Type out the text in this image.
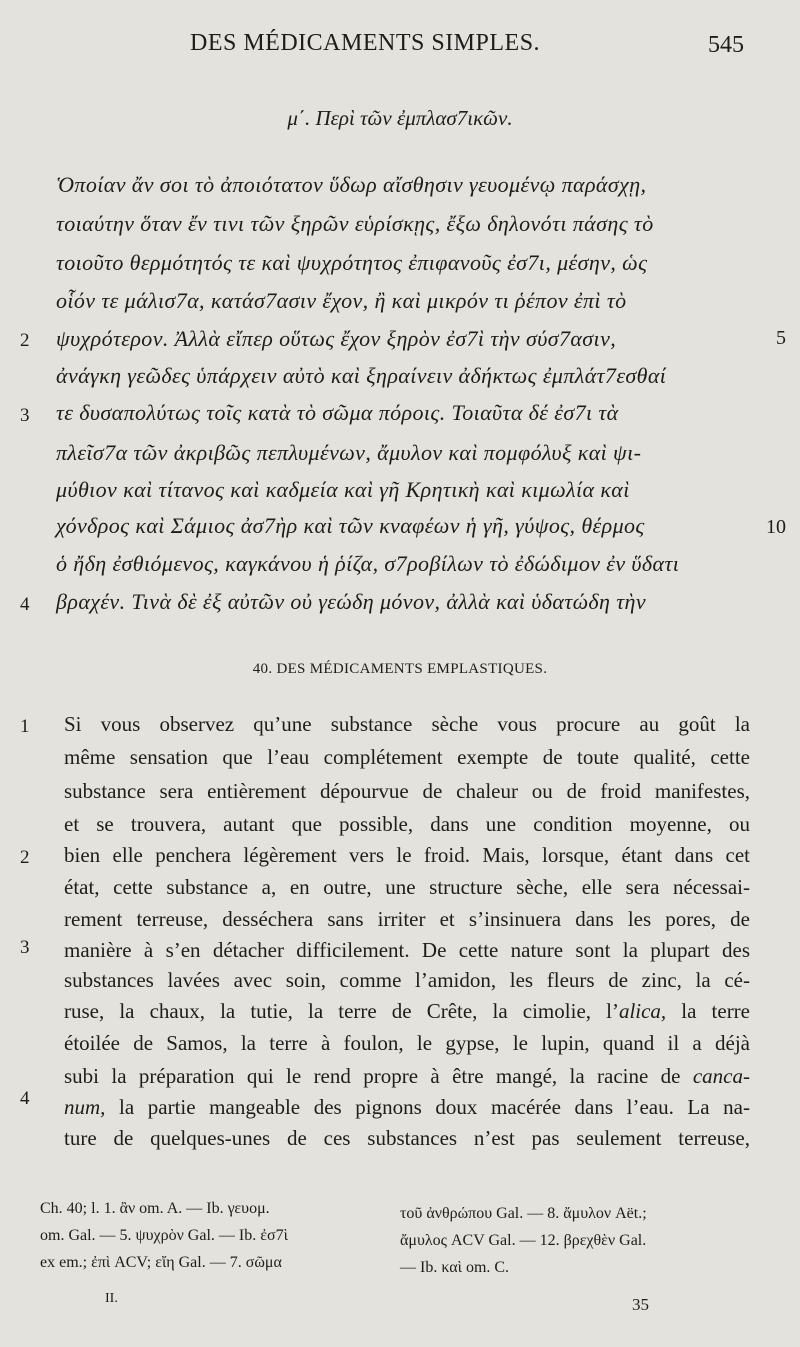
DES MÉDICAMENTS SIMPLES.	545
μ΄. Περὶ τῶν ἐμπλασ7ικῶν.
Ὁποίαν ἄν σοι τὸ ἀποιότατον ὕδωρ αἴσθησιν γευομένῳ παράσχῃ,
τοιαύτην ὅταν ἔν τινι τῶν ξηρῶν εὑρίσκῃς, ἔξω δηλονότι πάσης τὸ
τοιοῦτο θερμότητός τε καὶ ψυχρότητος ἐπιφανοῦς ἐσ7ι, μέσην, ὡς
οἷόν τε μάλισ7α, κατάσ7ασιν ἔχον, ἢ καὶ μικρόν τι ῥέπον ἐπὶ τὸ
ψυχρότερον. Ἀλλὰ εἴπερ οὕτως ἔχον ξηρὸν ἐσ7ὶ τὴν σύσ7ασιν,
ἀνάγκη γεῶδες ὑπάρχειν αὐτὸ καὶ ξηραίνειν ἀδήκτως ἐμπλάτ7εσθαί
τε δυσαπολύτως τοῖς κατὰ τὸ σῶμα πόροις. Τοιαῦτα δέ ἐσ7ι τὰ
πλεῖσ7α τῶν ἀκριβῶς πεπλυμένων, ἄμυλον καὶ πομφόλυξ καὶ ψι-
μύθιον καὶ τίτανος καὶ καδμεία καὶ γῆ Κρητικὴ καὶ κιμωλία καὶ
χόνδρος καὶ Σάμιος ἀσ7ὴρ καὶ τῶν κναφέων ἡ γῆ, γύψος, θέρμος
ὁ ἤδη ἐσθιόμενος, καγκάνου ἡ ῥίζα, σ7ροβίλων τὸ ἐδώδιμον ἐν ὕδατι
βραχέν. Τινὰ δὲ ἐξ αὐτῶν οὐ γεώδη μόνον, ἀλλὰ καὶ ὑδατώδη τὴν
2
3
4
5
10
40. DES MÉDICAMENTS EMPLASTIQUES.
Si vous observez qu’une substance sèche vous procure au goût la
même sensation que l’eau complétement exempte de toute qualité, cette
substance sera entièrement dépourvue de chaleur ou de froid manifestes,
et se trouvera, autant que possible, dans une condition moyenne, ou
bien elle penchera légèrement vers le froid. Mais, lorsque, étant dans cet
état, cette substance a, en outre, une structure sèche, elle sera nécessai-
rement terreuse, desséchera sans irriter et s’insinuera dans les pores, de
manière à s’en détacher difficilement. De cette nature sont la plupart des
substances lavées avec soin, comme l’amidon, les fleurs de zinc, la cé-
ruse, la chaux, la tutie, la terre de Crête, la cimolie, l’alica, la terre
étoilée de Samos, la terre à foulon, le gypse, le lupin, quand il a déjà
subi la préparation qui le rend propre à être mangé, la racine de canca-
num, la partie mangeable des pignons doux macérée dans l’eau. La na-
ture de quelques-unes de ces substances n’est pas seulement terreuse,
1
2
3
4
Ch. 40; l. 1. ἂν om. A. — Ib. γευομ.
om. Gal. — 5. ψυχρὸν Gal. — Ib. ἐσ7ὶ
ex em.; ἐπὶ ACV; εἴη Gal. — 7. σῶμα
τοῦ ἀνθρώπου Gal. — 8. ἄμυλον Aët.;
ἄμυλος ACV Gal. — 12. βρεχθὲν Gal.
— Ib. καὶ om. C.
II.	35
